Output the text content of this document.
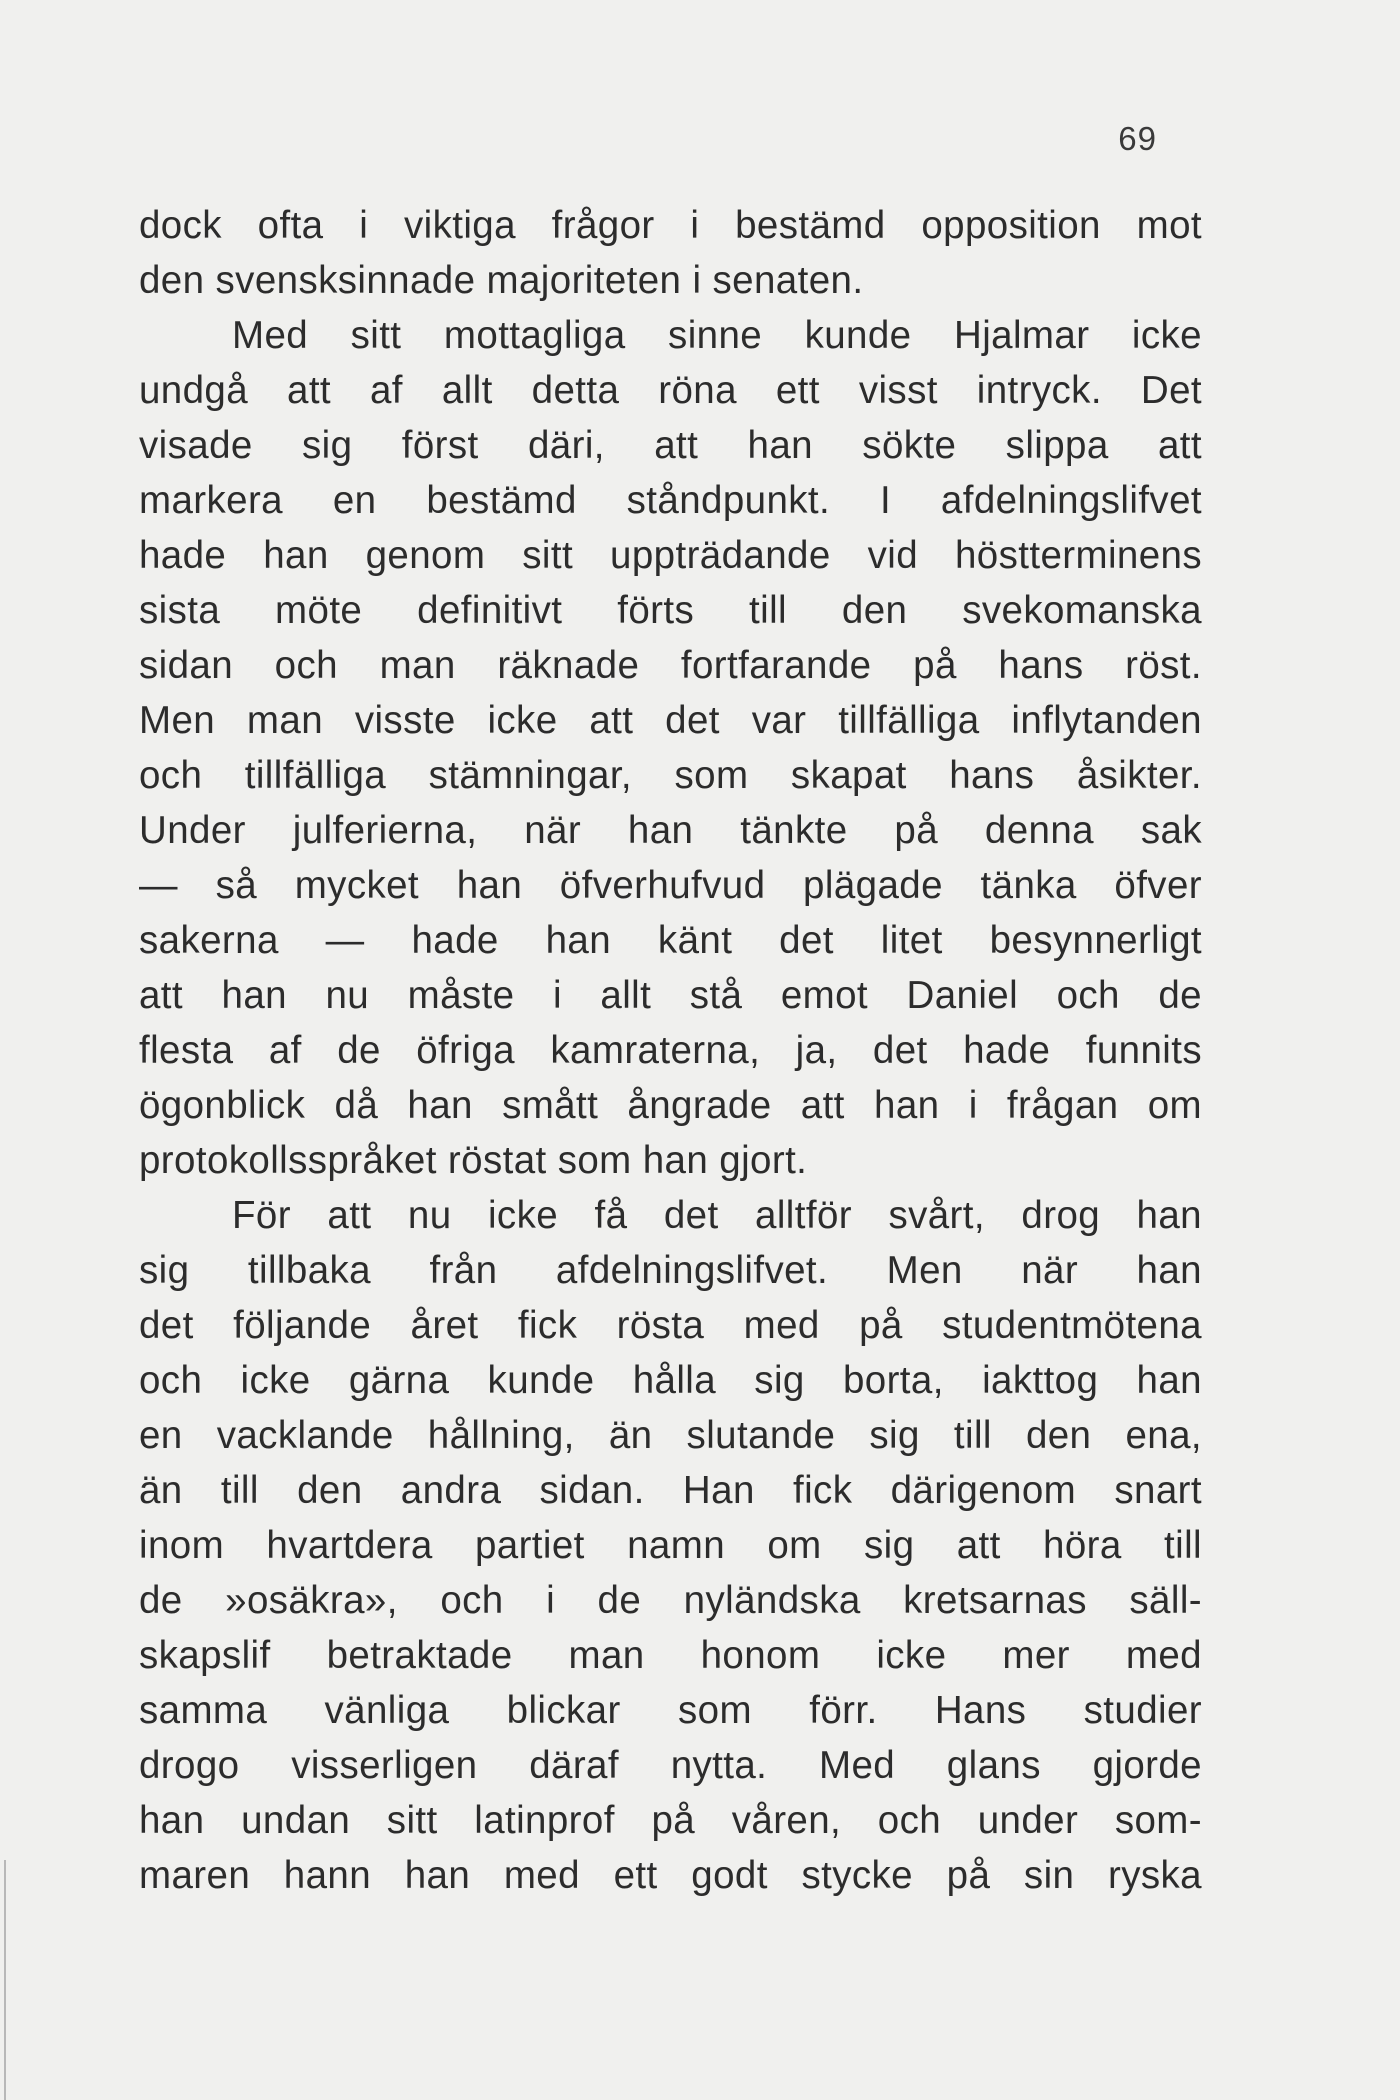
69
dock ofta i viktiga frågor i bestämd opposition mot
den svensksinnade majoriteten i senaten.
Med sitt mottagliga sinne kunde Hjalmar icke
undgå att af allt detta röna ett visst intryck. Det
visade sig först däri, att han sökte slippa att
markera en bestämd ståndpunkt. I afdelningslifvet
hade han genom sitt uppträdande vid höstterminens
sista möte definitivt förts till den svekomanska
sidan och man räknade fortfarande på hans röst.
Men man visste icke att det var tillfälliga inflytanden
och tillfälliga stämningar, som skapat hans åsikter.
Under julferierna, när han tänkte på denna sak
— så mycket han öfverhufvud plägade tänka öfver
sakerna — hade han känt det litet besynnerligt
att han nu måste i allt stå emot Daniel och de
flesta af de öfriga kamraterna, ja, det hade funnits
ögonblick då han smått ångrade att han i frågan om
protokollsspråket röstat som han gjort.
För att nu icke få det alltför svårt, drog han
sig tillbaka från afdelningslifvet. Men när han
det följande året fick rösta med på studentmötena
och icke gärna kunde hålla sig borta, iakttog han
en vacklande hållning, än slutande sig till den ena,
än till den andra sidan. Han fick därigenom snart
inom hvartdera partiet namn om sig att höra till
de »osäkra», och i de nyländska kretsarnas säll-
skapslif betraktade man honom icke mer med
samma vänliga blickar som förr. Hans studier
drogo visserligen däraf nytta. Med glans gjorde
han undan sitt latinprof på våren, och under som-
maren hann han med ett godt stycke på sin ryska
